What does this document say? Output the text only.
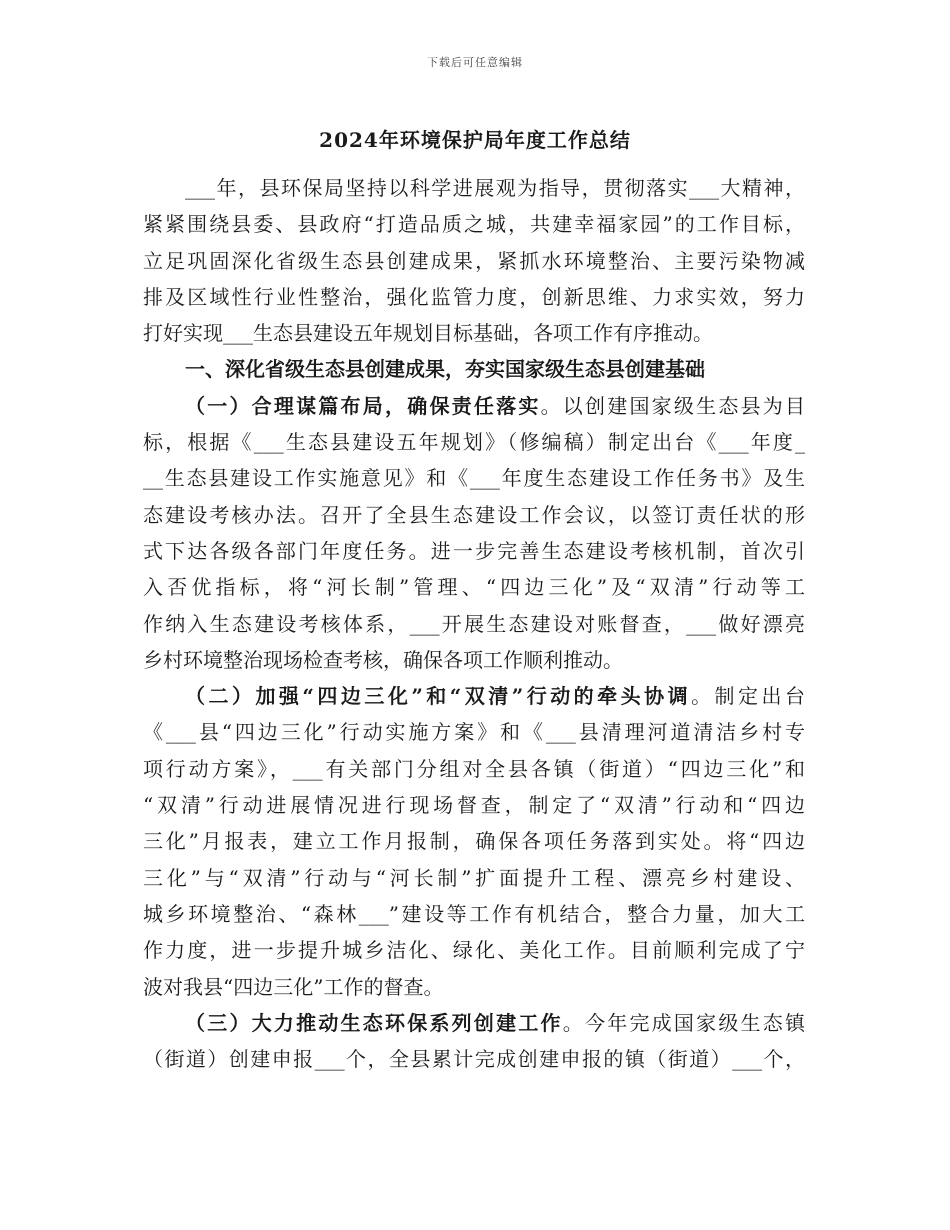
下载后可任意编辑
2024年环境保护局年度工作总结
___年，县环保局坚持以科学进展观为指导，贯彻落实___大精神，
紧紧围绕县委、县政府“打造品质之城，共建幸福家园”的工作目标，
立足巩固深化省级生态县创建成果，紧抓水环境整治、主要污染物减
排及区域性行业性整治，强化监管力度，创新思维、力求实效，努力
打好实现___生态县建设五年规划目标基础，各项工作有序推动。
一、深化省级生态县创建成果，夯实国家级生态县创建基础
（一）合理谋篇布局，确保责任落实。以创建国家级生态县为目
标，根据《___生态县建设五年规划》（修编稿）制定出台《___年度_
__生态县建设工作实施意见》和《___年度生态建设工作任务书》及生
态建设考核办法。召开了全县生态建设工作会议，以签订责任状的形
式下达各级各部门年度任务。进一步完善生态建设考核机制，首次引
入否优指标，将“河长制”管理、“四边三化”及“双清”行动等工
作纳入生态建设考核体系，___开展生态建设对账督查，___做好漂亮
乡村环境整治现场检查考核，确保各项工作顺利推动。
（二）加强“四边三化”和“双清”行动的牵头协调。制定出台
《___县“四边三化”行动实施方案》和《___县清理河道清洁乡村专
项行动方案》，___有关部门分组对全县各镇（街道）“四边三化”和
“双清”行动进展情况进行现场督查，制定了“双清”行动和“四边
三化”月报表，建立工作月报制，确保各项任务落到实处。将“四边
三化”与“双清”行动与“河长制”扩面提升工程、漂亮乡村建设、
城乡环境整治、“森林___”建设等工作有机结合，整合力量，加大工
作力度，进一步提升城乡洁化、绿化、美化工作。目前顺利完成了宁
波对我县“四边三化”工作的督查。
（三）大力推动生态环保系列创建工作。今年完成国家级生态镇
（街道）创建申报___个，全县累计完成创建申报的镇（街道）___个，
